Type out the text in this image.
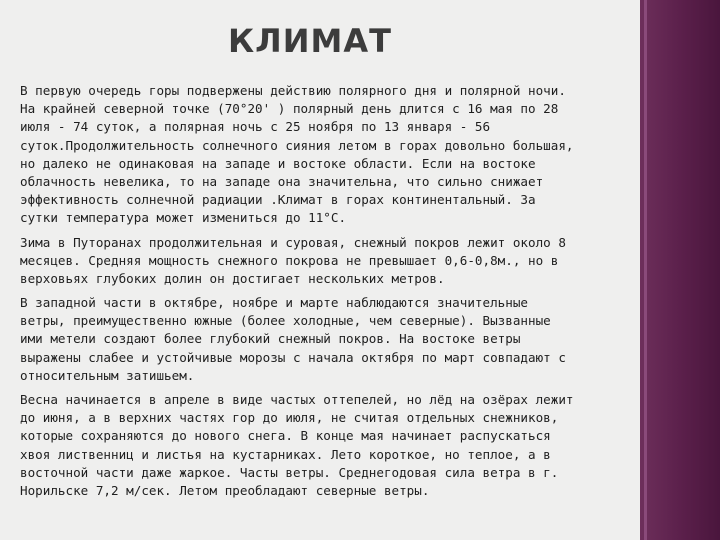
КЛИМАТ
В первую очередь горы подвержены действию полярного дня и полярной ночи.
На крайней северной точке (70°20' ) полярный день длится с 16 мая по 28
июля - 74 суток, а полярная ночь с 25 ноября по 13 января - 56
суток.Продолжительность солнечного сияния летом в горах довольно большая,
но далеко не одинаковая на западе и востоке области. Если на востоке
облачность невелика, то на западе она значительна, что сильно снижает
эффективность солнечной радиации .Климат в горах континентальный. За
сутки температура может измениться до 11°С.
Зима в Путоранах продолжительная и суровая, снежный покров лежит около 8
месяцев. Средняя мощность снежного покрова не превышает 0,6-0,8м., но в
верховьях глубоких долин он достигает нескольких метров.
В западной части в октябре, ноябре и марте наблюдаются значительные
ветры, преимущественно южные (более холодные, чем северные). Вызванные
ими метели создают более глубокий снежный покров. На востоке ветры
выражены слабее и устойчивые морозы с начала октября по март совпадают с
относительным затишьем.
Весна начинается в апреле в виде частых оттепелей, но лёд на озёрах лежит
до июня, а в верхних частях гор до июля, не считая отдельных снежников,
которые сохраняются до нового снега. В конце мая начинает распускаться
хвоя лиственниц и листья на кустарниках. Лето короткое, но теплое, а в
восточной части даже жаркое. Часты ветры. Среднегодовая сила ветра в г.
Норильске 7,2 м/сек. Летом преобладают северные ветры.
